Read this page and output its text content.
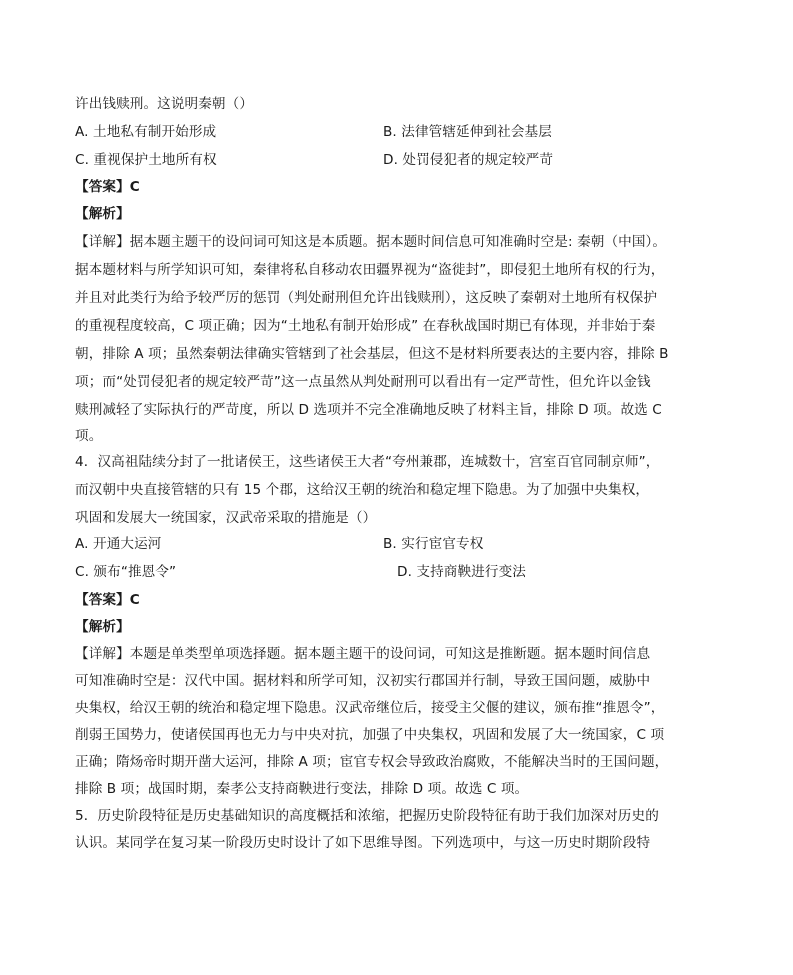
许出钱赎刑。这说明秦朝（）
A. 土地私有制开始形成	B. 法律管辖延伸到社会基层
C. 重视保护土地所有权	D. 处罚侵犯者的规定较严苛
【答案】C
【解析】
【详解】据本题主题干的设问词可知这是本质题。据本题时间信息可知准确时空是: 秦朝（中国）。
据本题材料与所学知识可知，秦律将私自移动农田疆界视为“盗徙封”，即侵犯土地所有权的行为，
并且对此类行为给予较严厉的惩罚（判处耐刑但允许出钱赎刑），这反映了秦朝对土地所有权保护
的重视程度较高，C 项正确；因为“土地私有制开始形成” 在春秋战国时期已有体现，并非始于秦
朝，排除 A 项；虽然秦朝法律确实管辖到了社会基层，但这不是材料所要表达的主要内容，排除 B
项；而“处罚侵犯者的规定较严苛”这一点虽然从判处耐刑可以看出有一定严苛性，但允许以金钱
赎刑减轻了实际执行的严苛度，所以 D 选项并不完全准确地反映了材料主旨，排除 D 项。故选 C
项。
4．汉高祖陆续分封了一批诸侯王，这些诸侯王大者“夸州兼郡，连城数十，宫室百官同制京师”，
而汉朝中央直接管辖的只有 15 个郡，这给汉王朝的统治和稳定埋下隐患。为了加强中央集权，
巩固和发展大一统国家，汉武帝采取的措施是（）
A. 开通大运河	B. 实行宦官专权
C. 颁布“推恩令”	D. 支持商鞅进行变法
【答案】C
【解析】
【详解】本题是单类型单项选择题。据本题主题干的设问词，可知这是推断题。据本题时间信息
可知准确时空是：汉代中国。据材料和所学可知，汉初实行郡国并行制，导致王国问题，威胁中
央集权，给汉王朝的统治和稳定埋下隐患。汉武帝继位后，接受主父偃的建议，颁布推“推恩令”，
削弱王国势力，使诸侯国再也无力与中央对抗，加强了中央集权，巩固和发展了大一统国家，C 项
正确；隋炀帝时期开凿大运河，排除 A 项；宦官专权会导致政治腐败，不能解决当时的王国问题，
排除 B 项；战国时期，秦孝公支持商鞅进行变法，排除 D 项。故选 C 项。
5．历史阶段特征是历史基础知识的高度概括和浓缩，把握历史阶段特征有助于我们加深对历史的
认识。某同学在复习某一阶段历史时设计了如下思维导图。下列选项中，与这一历史时期阶段特
